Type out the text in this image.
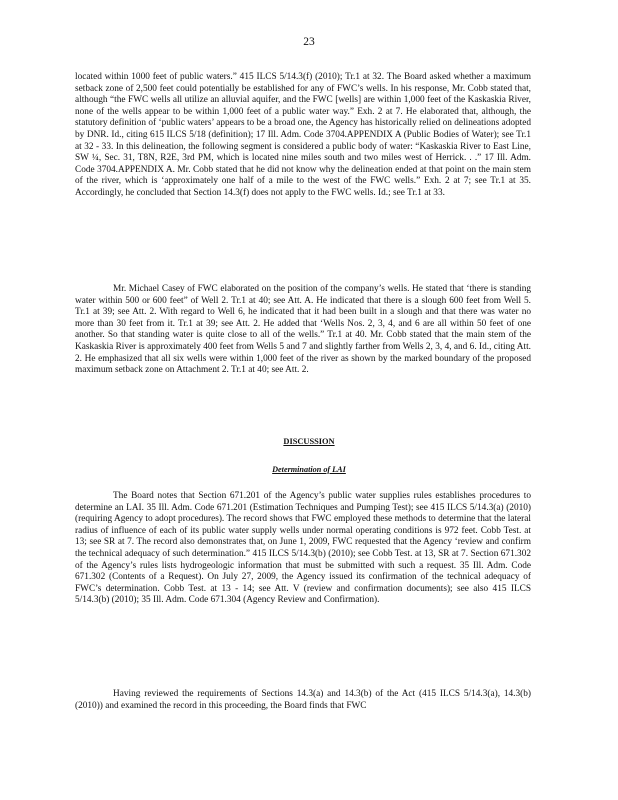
23

located within 1000 feet of public waters.” 415 ILCS 5/14.3(f) (2010); Tr.1 at 32. The Board asked whether a maximum setback zone of 2,500 feet could potentially be established for any of FWC’s wells. In his response, Mr. Cobb stated that, although “the FWC wells all utilize an alluvial aquifer, and the FWC [wells] are within 1,000 feet of the Kaskaskia River, none of the wells appear to be within 1,000 feet of a public water way.” Exh. 2 at 7. He elaborated that, although, the statutory definition of ‘public waters’ appears to be a broad one, the Agency has historically relied on delineations adopted by DNR. Id., citing 615 ILCS 5/18 (definition); 17 Ill. Adm. Code 3704.APPENDIX A (Public Bodies of Water); see Tr.1 at 32 - 33. In this delineation, the following segment is considered a public body of water: “Kaskaskia River to East Line, SW ¼, Sec. 31, T8N, R2E, 3rd PM, which is located nine miles south and two miles west of Herrick. . .” 17 Ill. Adm. Code 3704.APPENDIX A. Mr. Cobb stated that he did not know why the delineation ended at that point on the main stem of the river, which is ‘approximately one half of a mile to the west of the FWC wells.” Exh. 2 at 7; see Tr.1 at 35. Accordingly, he concluded that Section 14.3(f) does not apply to the FWC wells. Id.; see Tr.1 at 33.

Mr. Michael Casey of FWC elaborated on the position of the company’s wells. He stated that ‘there is standing water within 500 or 600 feet” of Well 2. Tr.1 at 40; see Att. A. He indicated that there is a slough 600 feet from Well 5. Tr.1 at 39; see Att. 2. With regard to Well 6, he indicated that it had been built in a slough and that there was water no more than 30 feet from it. Tr.1 at 39; see Att. 2. He added that ‘Wells Nos. 2, 3, 4, and 6 are all within 50 feet of one another. So that standing water is quite close to all of the wells.” Tr.1 at 40. Mr. Cobb stated that the main stem of the Kaskaskia River is approximately 400 feet from Wells 5 and 7 and slightly farther from Wells 2, 3, 4, and 6. Id., citing Att. 2. He emphasized that all six wells were within 1,000 feet of the river as shown by the marked boundary of the proposed maximum setback zone on Attachment 2. Tr.1 at 40; see Att. 2.

DISCUSSION

Determination of LAI

The Board notes that Section 671.201 of the Agency’s public water supplies rules establishes procedures to determine an LAI. 35 Ill. Adm. Code 671.201 (Estimation Techniques and Pumping Test); see 415 ILCS 5/14.3(a) (2010) (requiring Agency to adopt procedures). The record shows that FWC employed these methods to determine that the lateral radius of influence of each of its public water supply wells under normal operating conditions is 972 feet. Cobb Test. at 13; see SR at 7. The record also demonstrates that, on June 1, 2009, FWC requested that the Agency ‘review and confirm the technical adequacy of such determination.” 415 ILCS 5/14.3(b) (2010); see Cobb Test. at 13, SR at 7. Section 671.302 of the Agency’s rules lists hydrogeologic information that must be submitted with such a request. 35 Ill. Adm. Code 671.302 (Contents of a Request). On July 27, 2009, the Agency issued its confirmation of the technical adequacy of FWC’s determination. Cobb Test. at 13 - 14; see Att. V (review and confirmation documents); see also 415 ILCS 5/14.3(b) (2010); 35 Ill. Adm. Code 671.304 (Agency Review and Confirmation).

Having reviewed the requirements of Sections 14.3(a) and 14.3(b) of the Act (415 ILCS 5/14.3(a), 14.3(b) (2010)) and examined the record in this proceeding, the Board finds that FWC
